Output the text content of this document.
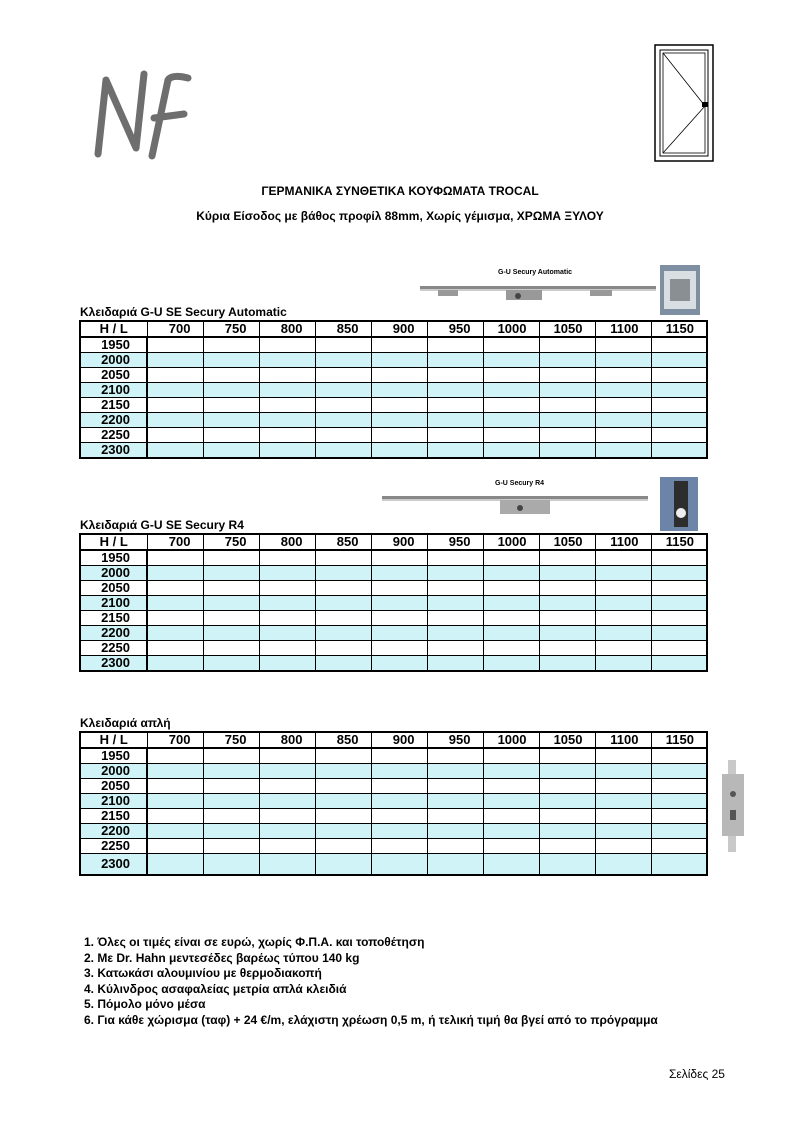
ΓΕΡΜΑΝΙΚΑ ΣΥΝΘΕΤΙΚΑ ΚΟΥΦΩΜΑΤΑ TROCAL
Κύρια Είσοδος με βάθος προφίλ 88mm, Χωρίς γέμισμα, ΧΡΩΜΑ ΞΥΛΟΥ
G-U Secury Automatic
Κλειδαριά G-U SE Secury Automatic
H / L	700	750	800	850	900	950	1000	1050	1100	1150
1950										
2000										
2050										
2100										
2150										
2200										
2250										
2300										
G-U Secury R4
Κλειδαριά G-U SE Secury R4
H / L	700	750	800	850	900	950	1000	1050	1100	1150
1950										
2000										
2050										
2100										
2150										
2200										
2250										
2300										
Κλειδαριά απλή
H / L	700	750	800	850	900	950	1000	1050	1100	1150
1950										
2000										
2050										
2100										
2150										
2200										
2250										
2300										
1. Όλες οι τιμές είναι σε ευρώ, χωρίς Φ.Π.Α. και τοποθέτηση
2. Με Dr. Hahn μεντεσέδες βαρέως τύπου 140 kg
3. Κατωκάσι αλουμινίου με θερμοδιακοπή
4. Κύλινδρος ασαφαλείας μετρία απλά κλειδιά
5. Πόμολο μόνο μέσα
6. Για κάθε χώρισμα (ταφ) + 24 €/m, ελάχιστη χρέωση 0,5 m, ή τελική τιμή θα βγεί από το πρόγραμμα
Σελίδες 25
